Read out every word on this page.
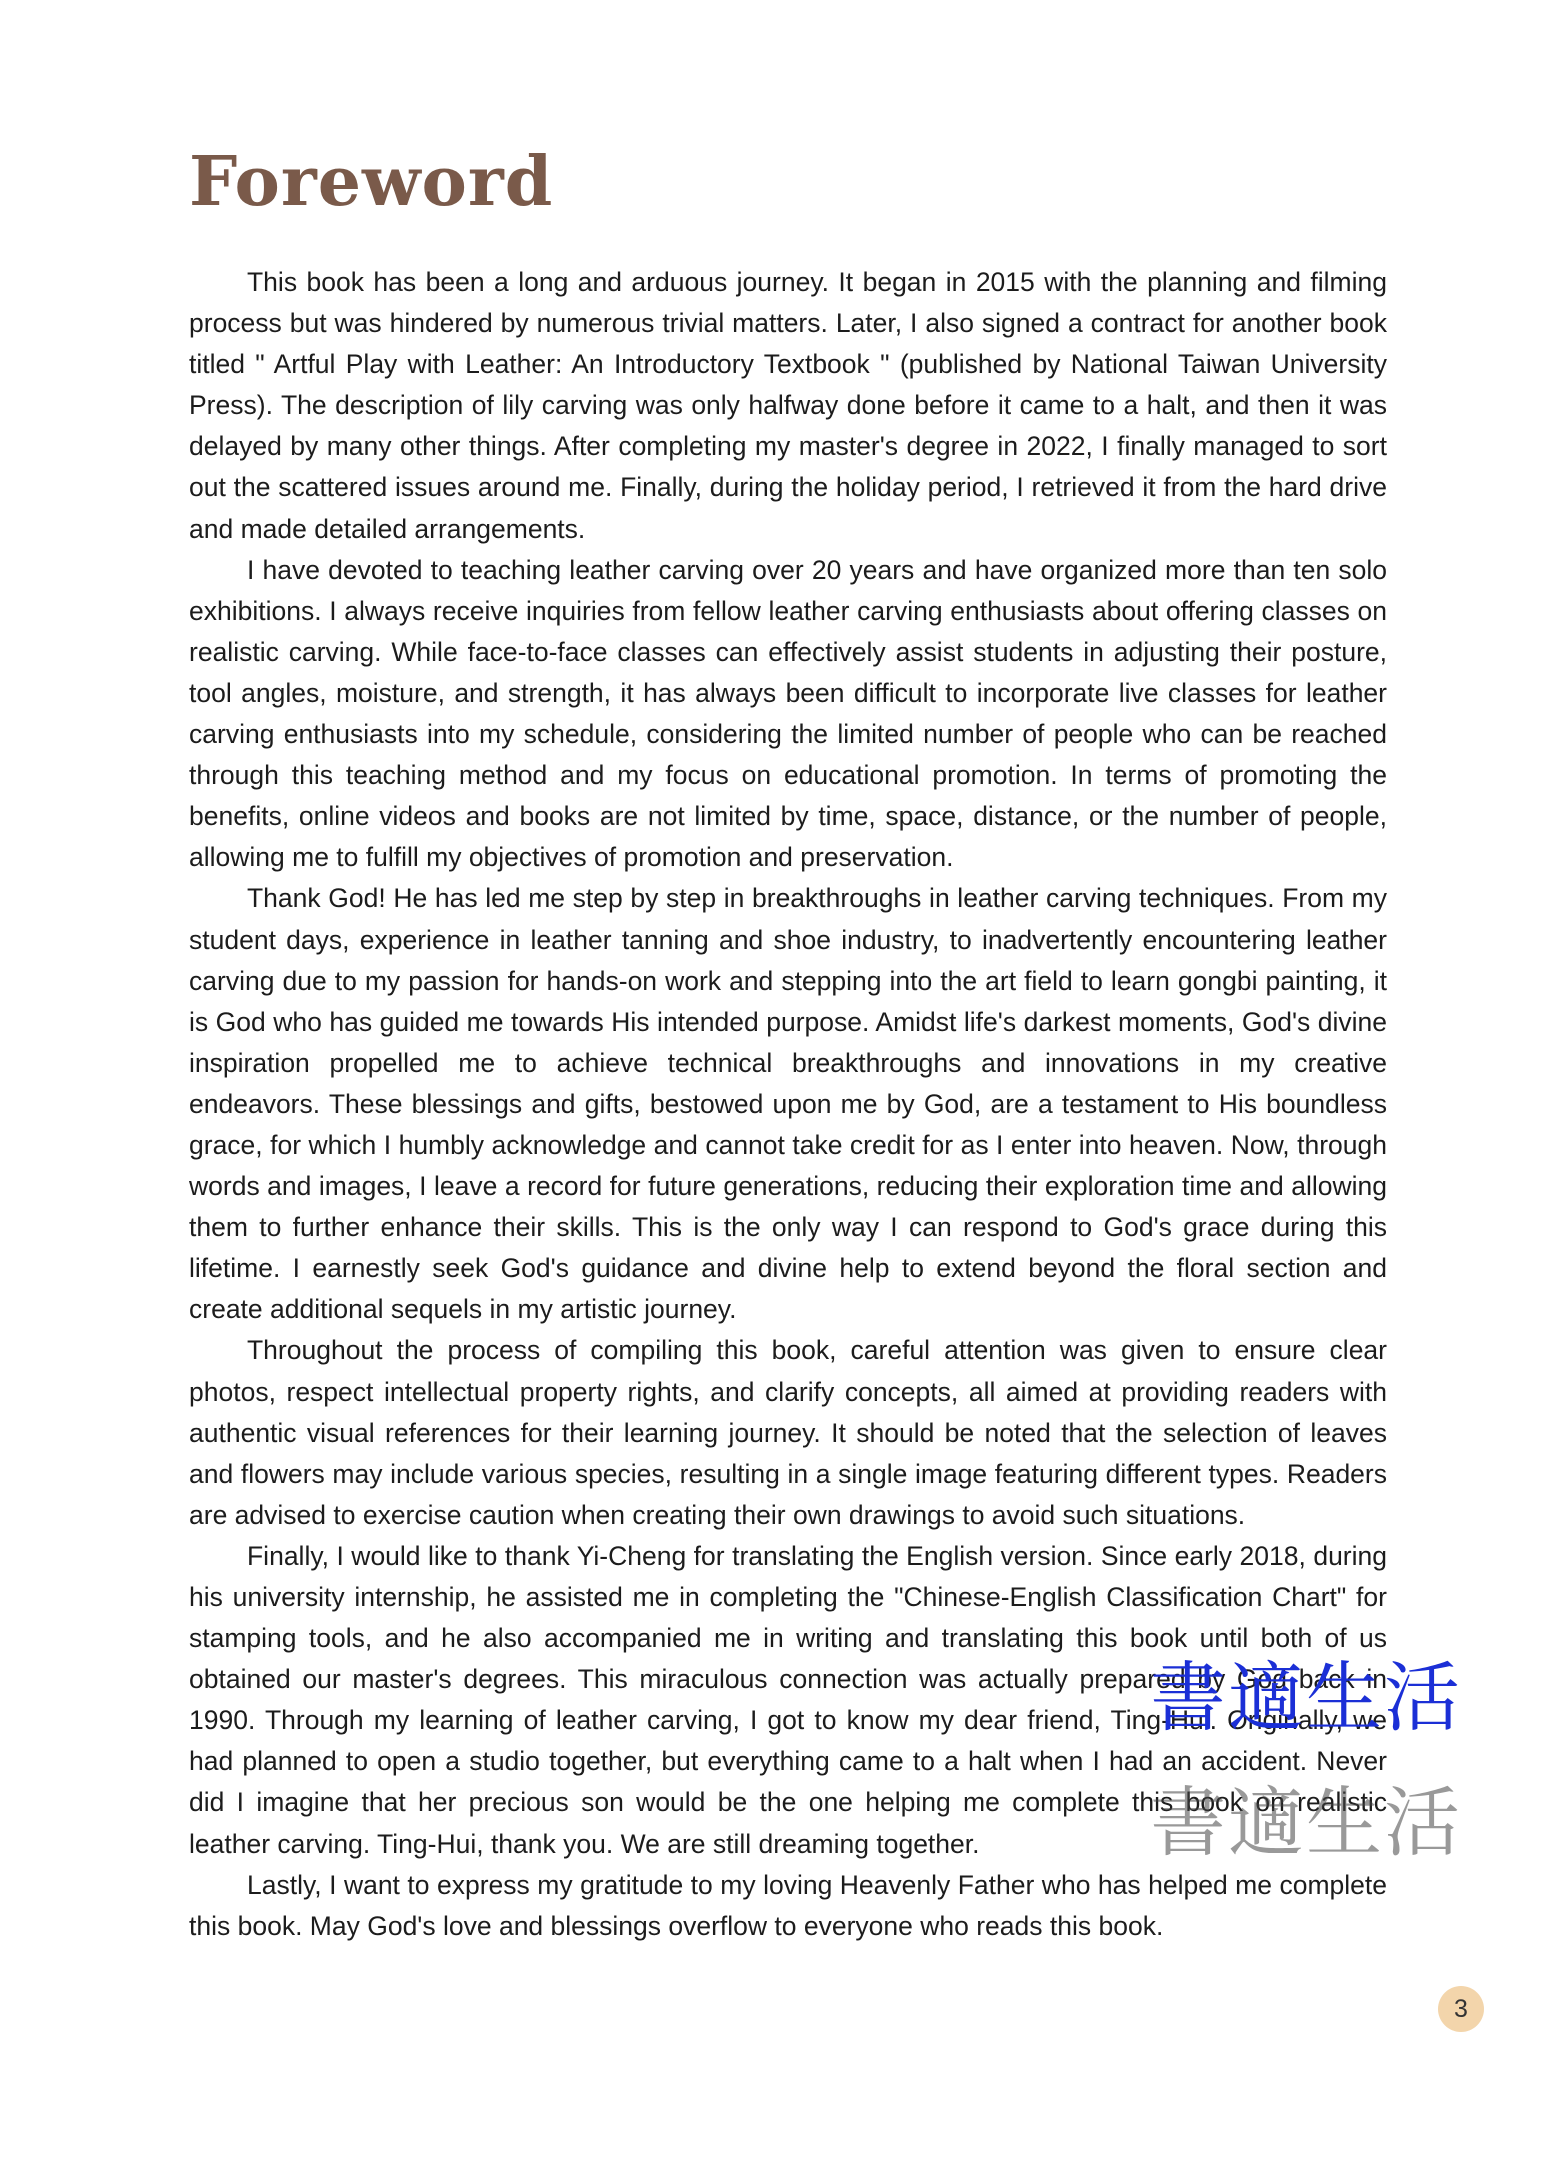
Foreword

This book has been a long and arduous journey. It began in 2015 with the planning and filming process but was hindered by numerous trivial matters. Later, I also signed a contract for another book titled " Artful Play with Leather: An Introductory Textbook " (published by National Taiwan University Press). The description of lily carving was only halfway done before it came to a halt, and then it was delayed by many other things. After completing my master's degree in 2022, I finally managed to sort out the scattered issues around me. Finally, during the holiday period, I retrieved it from the hard drive and made detailed arrangements.

I have devoted to teaching leather carving over 20 years and have organized more than ten solo exhibitions. I always receive inquiries from fellow leather carving enthusiasts about offering classes on realistic carving. While face-to-face classes can effectively assist students in adjusting their posture, tool angles, moisture, and strength, it has always been difficult to incorporate live classes for leather carving enthusiasts into my schedule, considering the limited number of people who can be reached through this teaching method and my focus on educational promotion. In terms of promoting the benefits, online videos and books are not limited by time, space, distance, or the number of people, allowing me to fulfill my objectives of promotion and preservation.

Thank God! He has led me step by step in breakthroughs in leather carving techniques. From my student days, experience in leather tanning and shoe industry, to inadvertently encountering leather carving due to my passion for hands-on work and stepping into the art field to learn gongbi painting, it is God who has guided me towards His intended purpose. Amidst life's darkest moments, God's divine inspiration propelled me to achieve technical breakthroughs and innovations in my creative endeavors. These blessings and gifts, bestowed upon me by God, are a testament to His boundless grace, for which I humbly acknowledge and cannot take credit for as I enter into heaven. Now, through words and images, I leave a record for future generations, reducing their exploration time and allowing them to further enhance their skills. This is the only way I can respond to God's grace during this lifetime. I earnestly seek God's guidance and divine help to extend beyond the floral section and create additional sequels in my artistic journey.

Throughout the process of compiling this book, careful attention was given to ensure clear photos, respect intellectual property rights, and clarify concepts, all aimed at providing readers with authentic visual references for their learning journey. It should be noted that the selection of leaves and flowers may include various species, resulting in a single image featuring different types. Readers are advised to exercise caution when creating their own drawings to avoid such situations.

Finally, I would like to thank Yi-Cheng for translating the English version. Since early 2018, during his university internship, he assisted me in completing the "Chinese-English Classification Chart" for stamping tools, and he also accompanied me in writing and translating this book until both of us obtained our master's degrees. This miraculous connection was actually prepared by God back in 1990. Through my learning of leather carving, I got to know my dear friend, Ting-Hui. Originally, we had planned to open a studio together, but everything came to a halt when I had an accident. Never did I imagine that her precious son would be the one helping me complete this book on realistic leather carving. Ting-Hui, thank you. We are still dreaming together.

Lastly, I want to express my gratitude to my loving Heavenly Father who has helped me complete this book. May God's love and blessings overflow to everyone who reads this book.

書適生活
書適生活
3
